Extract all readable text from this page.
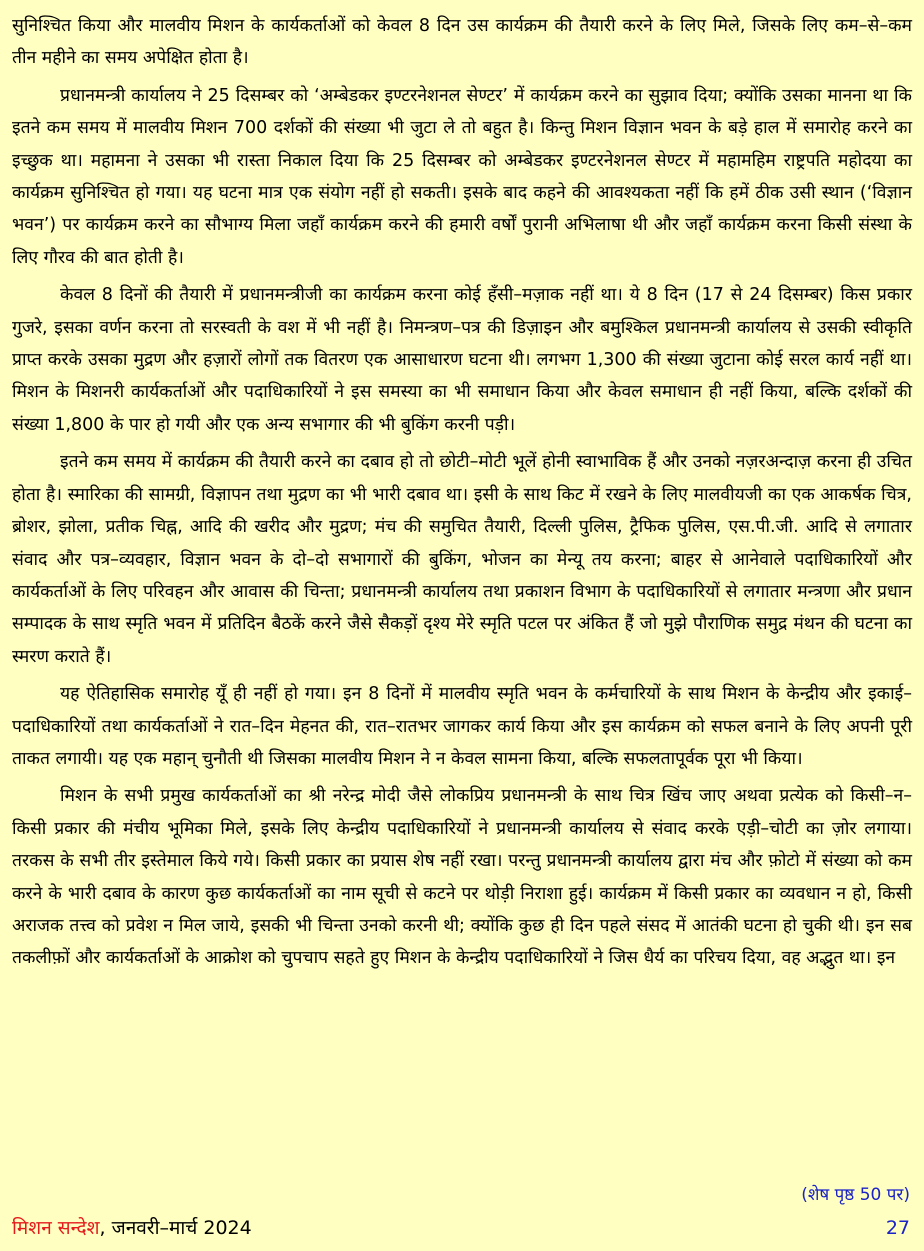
सुनिश्चित किया और मालवीय मिशन के कार्यकर्ताओं को केवल 8 दिन उस कार्यक्रम की तैयारी करने के लिए मिले, जिसके लिए कम–से–कम तीन महीने का समय अपेक्षित होता है।

प्रधानमन्त्री कार्यालय ने 25 दिसम्बर को ‘अम्बेडकर इण्टरनेशनल सेण्टर’ में कार्यक्रम करने का सुझाव दिया; क्योंकि उसका मानना था कि इतने कम समय में मालवीय मिशन 700 दर्शकों की संख्या भी जुटा ले तो बहुत है। किन्तु मिशन विज्ञान भवन के बड़े हाल में समारोह करने का इच्छुक था। महामना ने उसका भी रास्ता निकाल दिया कि 25 दिसम्बर को अम्बेडकर इण्टरनेशनल सेण्टर में महामहिम राष्ट्रपति महोदया का कार्यक्रम सुनिश्चित हो गया। यह घटना मात्र एक संयोग नहीं हो सकती। इसके बाद कहने की आवश्यकता नहीं कि हमें ठीक उसी स्थान (‘विज्ञान भवन’) पर कार्यक्रम करने का सौभाग्य मिला जहाँ कार्यक्रम करने की हमारी वर्षों पुरानी अभिलाषा थी और जहाँ कार्यक्रम करना किसी संस्था के लिए गौरव की बात होती है।

केवल 8 दिनों की तैयारी में प्रधानमन्त्रीजी का कार्यक्रम करना कोई हँसी–मज़ाक नहीं था। ये 8 दिन (17 से 24 दिसम्बर) किस प्रकार गुजरे, इसका वर्णन करना तो सरस्वती के वश में भी नहीं है। निमन्त्रण–पत्र की डिज़ाइन और बमुश्किल प्रधानमन्त्री कार्यालय से उसकी स्वीकृति प्राप्त करके उसका मुद्रण और हज़ारों लोगों तक वितरण एक आसाधारण घटना थी। लगभग 1,300 की संख्या जुटाना कोई सरल कार्य नहीं था। मिशन के मिशनरी कार्यकर्ताओं और पदाधिकारियों ने इस समस्या का भी समाधान किया और केवल समाधान ही नहीं किया, बल्कि दर्शकों की संख्या 1,800 के पार हो गयी और एक अन्य सभागार की भी बुकिंग करनी पड़ी।

इतने कम समय में कार्यक्रम की तैयारी करने का दबाव हो तो छोटी–मोटी भूलें होनी स्वाभाविक हैं और उनको नज़रअन्दाज़ करना ही उचित होता है। स्मारिका की सामग्री, विज्ञापन तथा मुद्रण का भी भारी दबाव था। इसी के साथ किट में रखने के लिए मालवीयजी का एक आकर्षक चित्र, ब्रोशर, झोला, प्रतीक चिह्न, आदि की खरीद और मुद्रण; मंच की समुचित तैयारी, दिल्ली पुलिस, ट्रैफिक पुलिस, एस.पी.जी. आदि से लगातार संवाद और पत्र–व्यवहार, विज्ञान भवन के दो–दो सभागारों की बुकिंग, भोजन का मेन्यू तय करना; बाहर से आनेवाले पदाधिकारियों और कार्यकर्ताओं के लिए परिवहन और आवास की चिन्ता; प्रधानमन्त्री कार्यालय तथा प्रकाशन विभाग के पदाधिकारियों से लगातार मन्त्रणा और प्रधान सम्पादक के साथ स्मृति भवन में प्रतिदिन बैठकें करने जैसे सैकड़ों दृश्य मेरे स्मृति पटल पर अंकित हैं जो मुझे पौराणिक समुद्र मंथन की घटना का स्मरण कराते हैं।

यह ऐतिहासिक समारोह यूँ ही नहीं हो गया। इन 8 दिनों में मालवीय स्मृति भवन के कर्मचारियों के साथ मिशन के केन्द्रीय और इकाई–पदाधिकारियों तथा कार्यकर्ताओं ने रात–दिन मेहनत की, रात–रातभर जागकर कार्य किया और इस कार्यक्रम को सफल बनाने के लिए अपनी पूरी ताकत लगायी। यह एक महान् चुनौती थी जिसका मालवीय मिशन ने न केवल सामना किया, बल्कि सफलतापूर्वक पूरा भी किया।

मिशन के सभी प्रमुख कार्यकर्ताओं का श्री नरेन्द्र मोदी जैसे लोकप्रिय प्रधानमन्त्री के साथ चित्र खिंच जाए अथवा प्रत्येक को किसी–न–किसी प्रकार की मंचीय भूमिका मिले, इसके लिए केन्द्रीय पदाधिकारियों ने प्रधानमन्त्री कार्यालय से संवाद करके एड़ी–चोटी का ज़ोर लगाया। तरकस के सभी तीर इस्तेमाल किये गये। किसी प्रकार का प्रयास शेष नहीं रखा। परन्तु प्रधानमन्त्री कार्यालय द्वारा मंच और फ़ोटो में संख्या को कम करने के भारी दबाव के कारण कुछ कार्यकर्ताओं का नाम सूची से कटने पर थोड़ी निराशा हुई। कार्यक्रम में किसी प्रकार का व्यवधान न हो, किसी अराजक तत्त्व को प्रवेश न मिल जाये, इसकी भी चिन्ता उनको करनी थी; क्योंकि कुछ ही दिन पहले संसद में आतंकी घटना हो चुकी थी। इन सब तकलीफ़ों और कार्यकर्ताओं के आक्रोश को चुपचाप सहते हुए मिशन के केन्द्रीय पदाधिकारियों ने जिस धैर्य का परिचय दिया, वह अद्भुत था। इन

(शेष पृष्ठ 50 पर)
मिशन सन्देश, जनवरी–मार्च 2024	27
